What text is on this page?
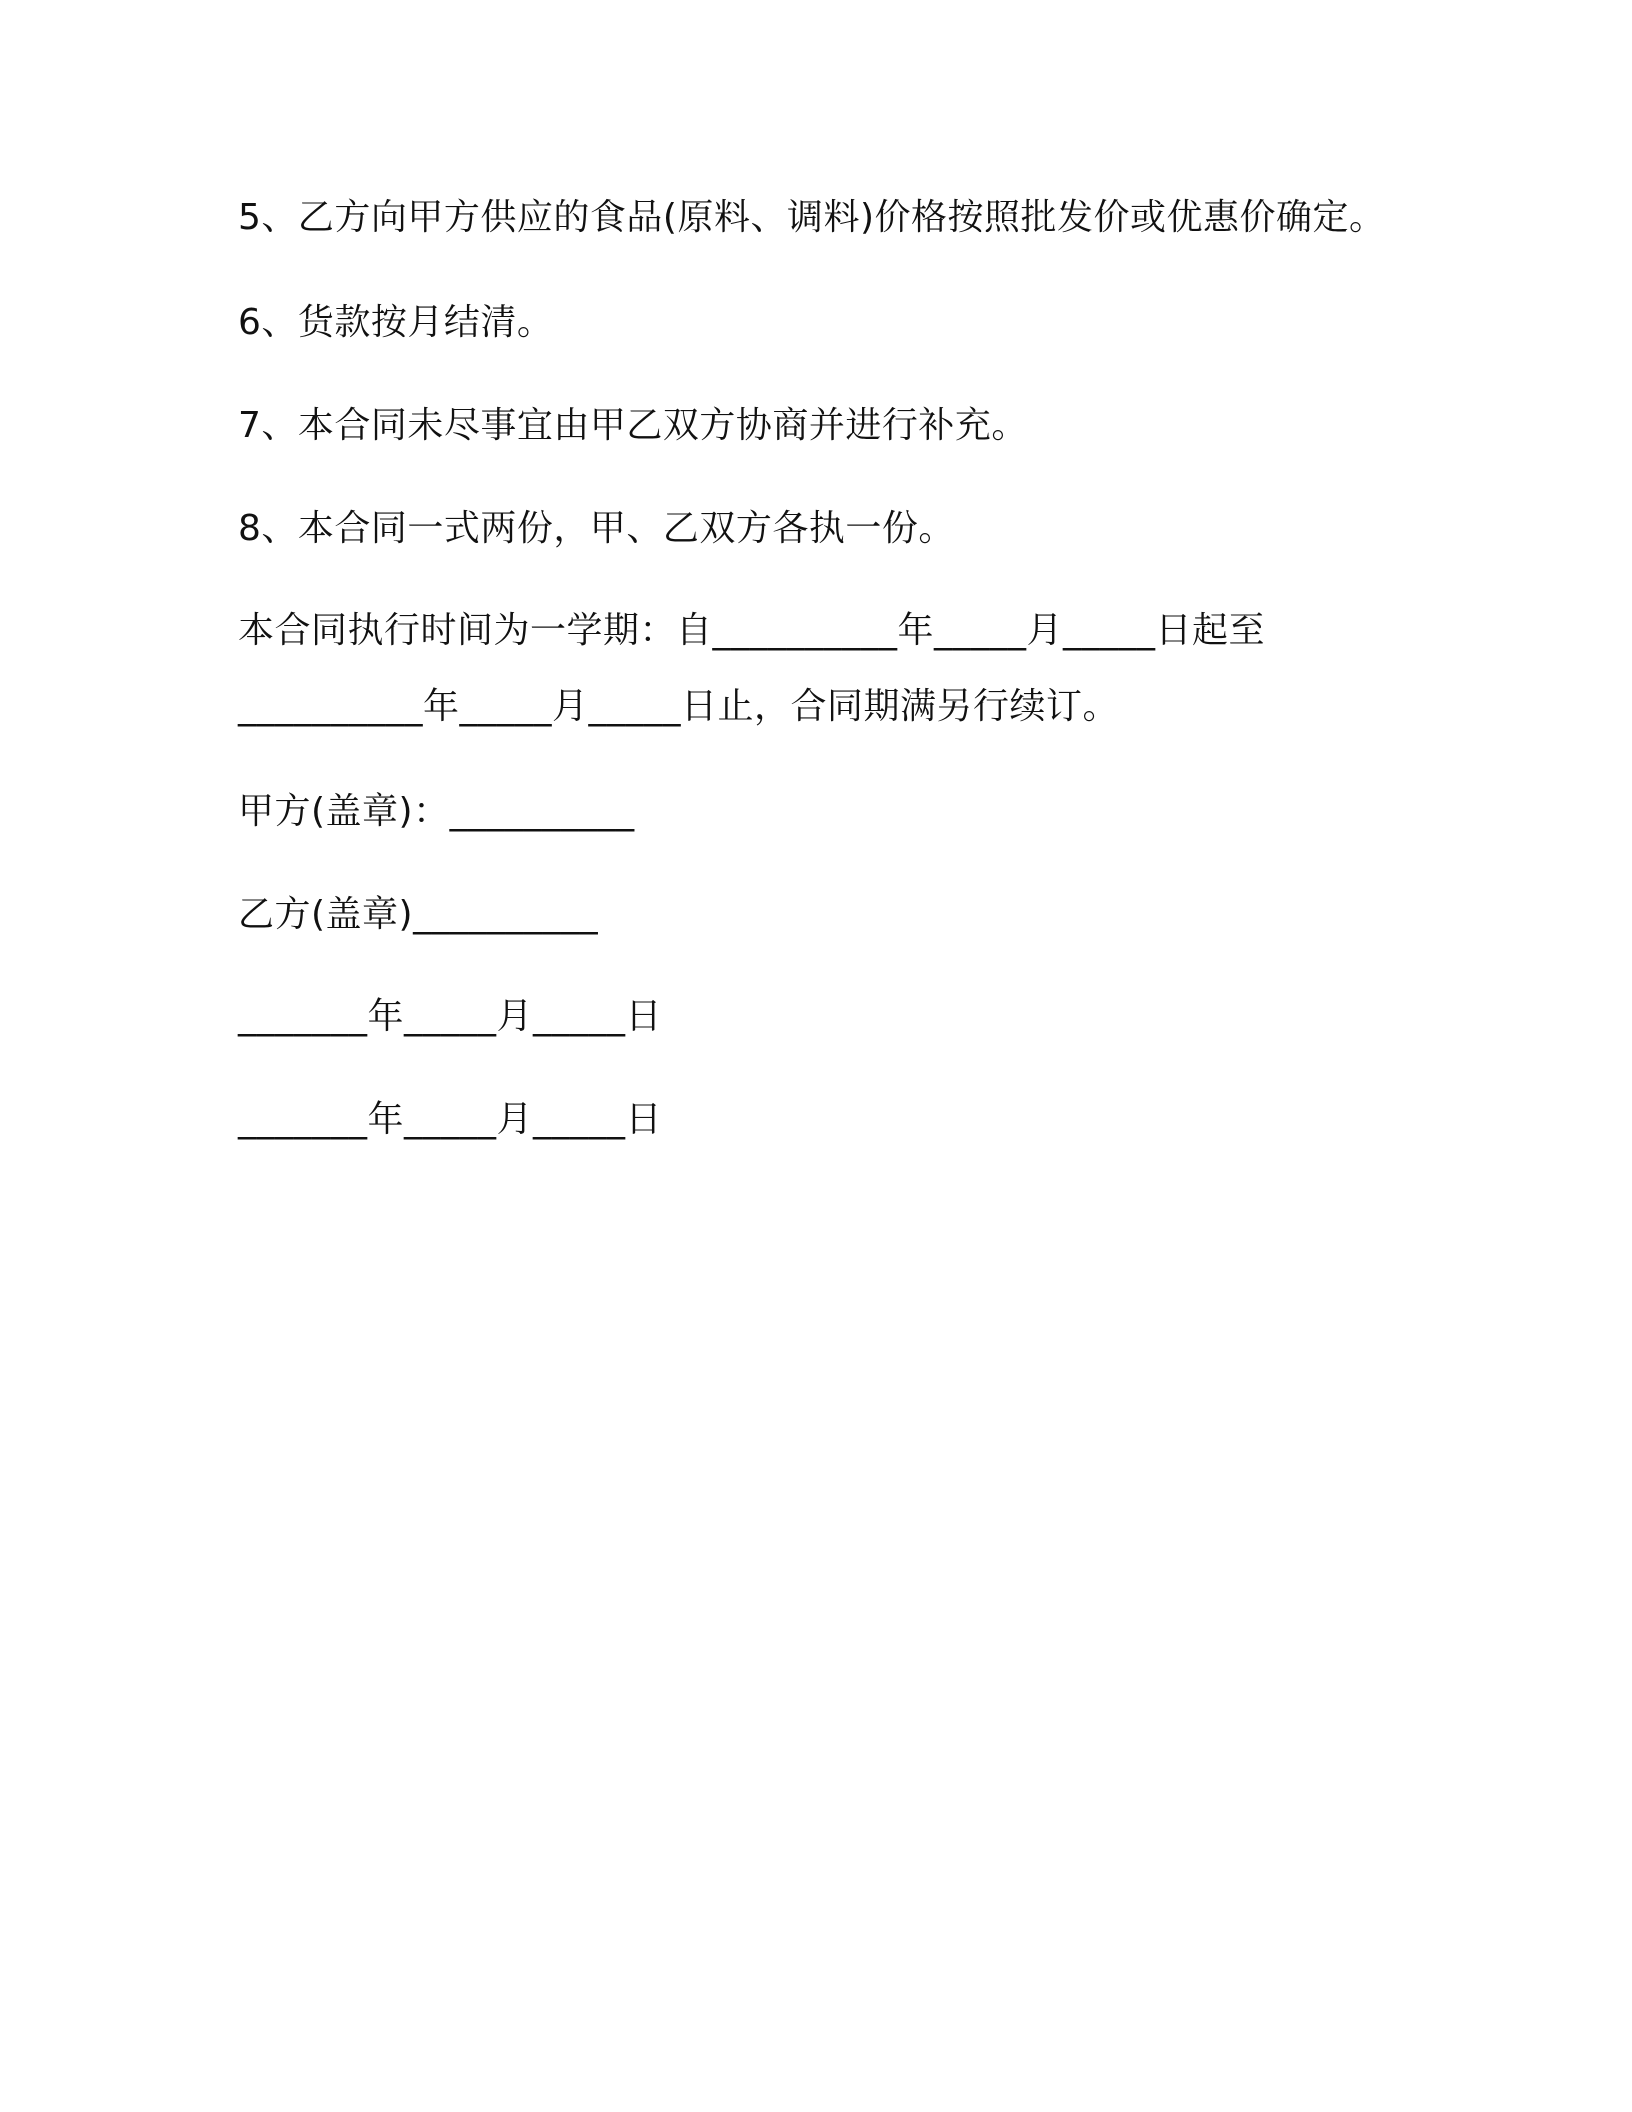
5、乙方向甲方供应的食品(原料、调料)价格按照批发价或优惠价确定。

6、货款按月结清。

7、本合同未尽事宜由甲乙双方协商并进行补充。

8、本合同一式两份，甲、乙双方各执一份。

本合同执行时间为一学期：自__________年_____月_____日起至

__________年_____月_____日止，合同期满另行续订。

甲方(盖章)：__________

乙方(盖章)__________

_______年_____月_____日

_______年_____月_____日
